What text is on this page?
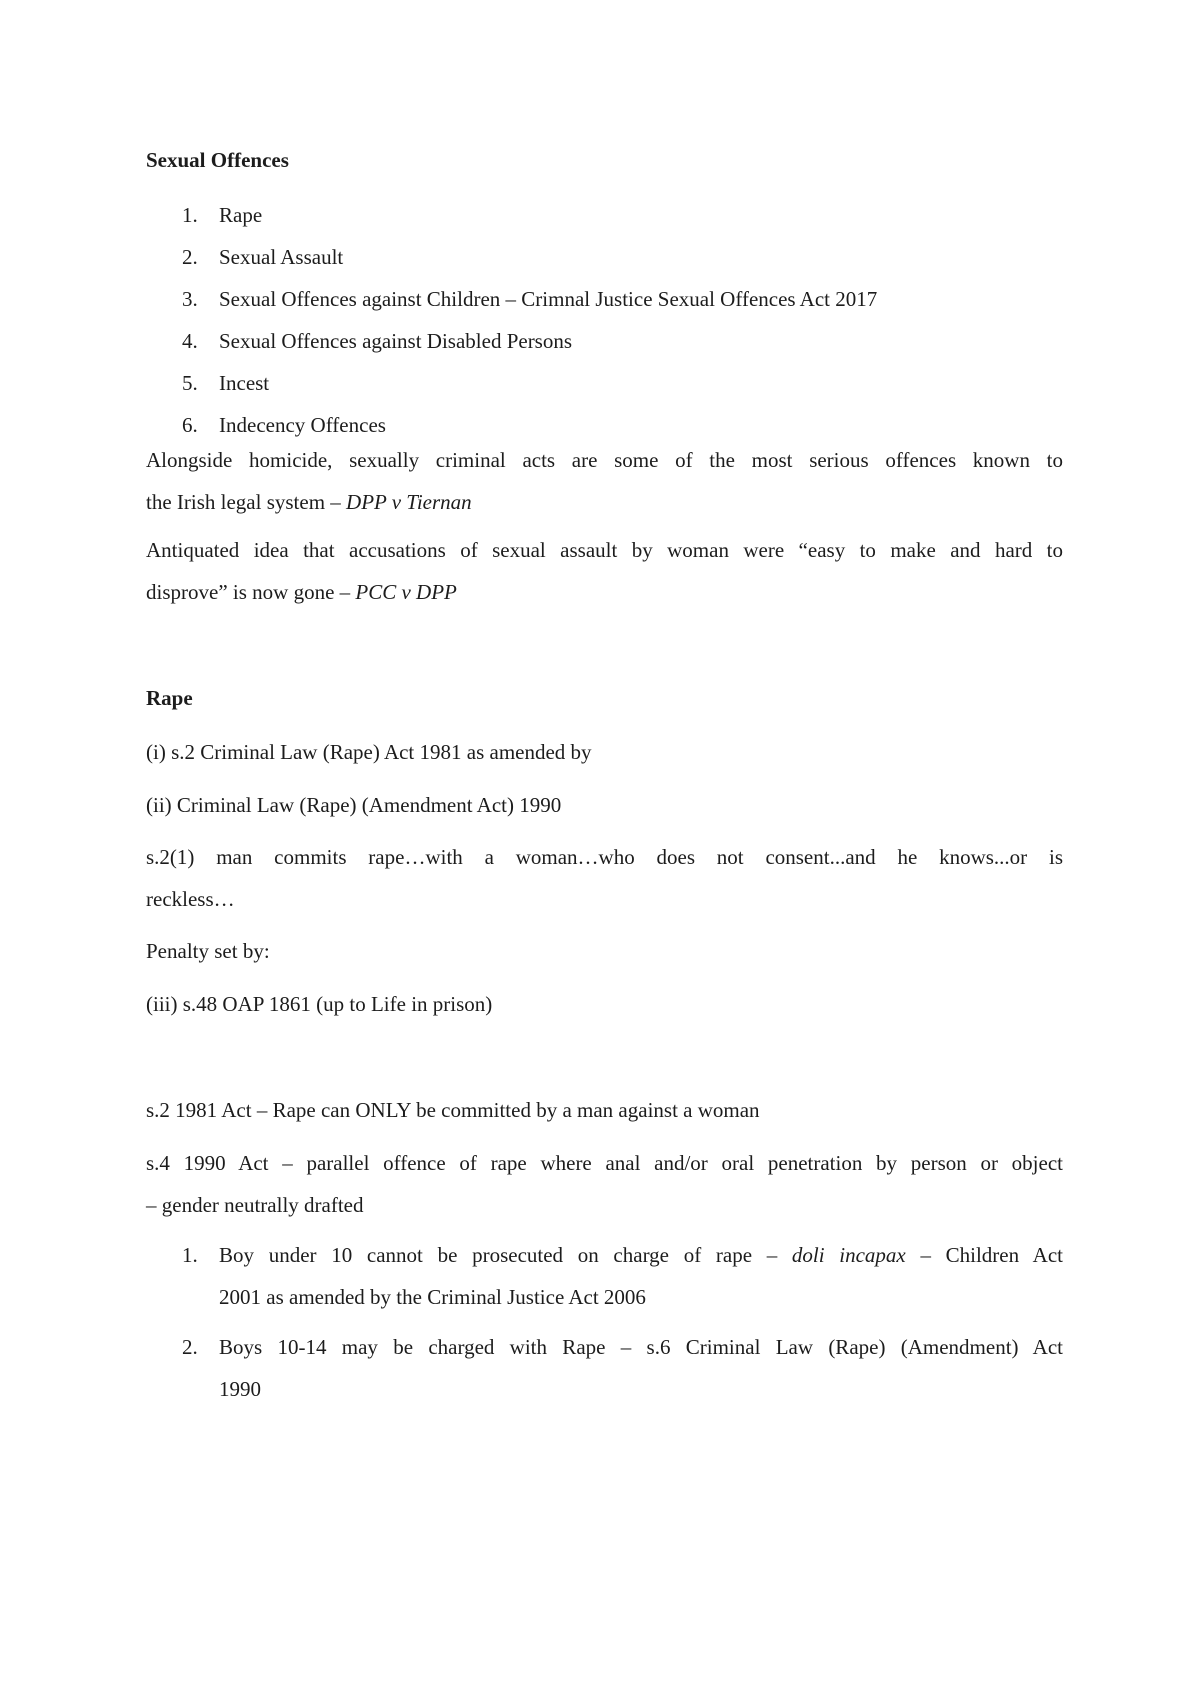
Sexual Offences
1.	Rape
2.	Sexual Assault
3.	Sexual Offences against Children – Crimnal Justice Sexual Offences Act 2017
4.	Sexual Offences against Disabled Persons
5.	Incest
6.	Indecency Offences
Alongside homicide, sexually criminal acts are some of the most serious offences known to
the Irish legal system – DPP v Tiernan
Antiquated idea that accusations of sexual assault by woman were “easy to make and hard to
disprove” is now gone – PCC v DPP
Rape
(i) s.2 Criminal Law (Rape) Act 1981 as amended by
(ii) Criminal Law (Rape) (Amendment Act) 1990
s.2(1) man commits rape…with a woman…who does not consent...and he knows...or is
reckless…
Penalty set by:
(iii) s.48 OAP 1861 (up to Life in prison)
s.2 1981 Act – Rape can ONLY be committed by a man against a woman
s.4 1990 Act – parallel offence of rape where anal and/or oral penetration by person or object
– gender neutrally drafted
1. Boy under 10 cannot be prosecuted on charge of rape – doli incapax – Children Act
2001 as amended by the Criminal Justice Act 2006
2. Boys 10-14 may be charged with Rape – s.6 Criminal Law (Rape) (Amendment) Act
1990
